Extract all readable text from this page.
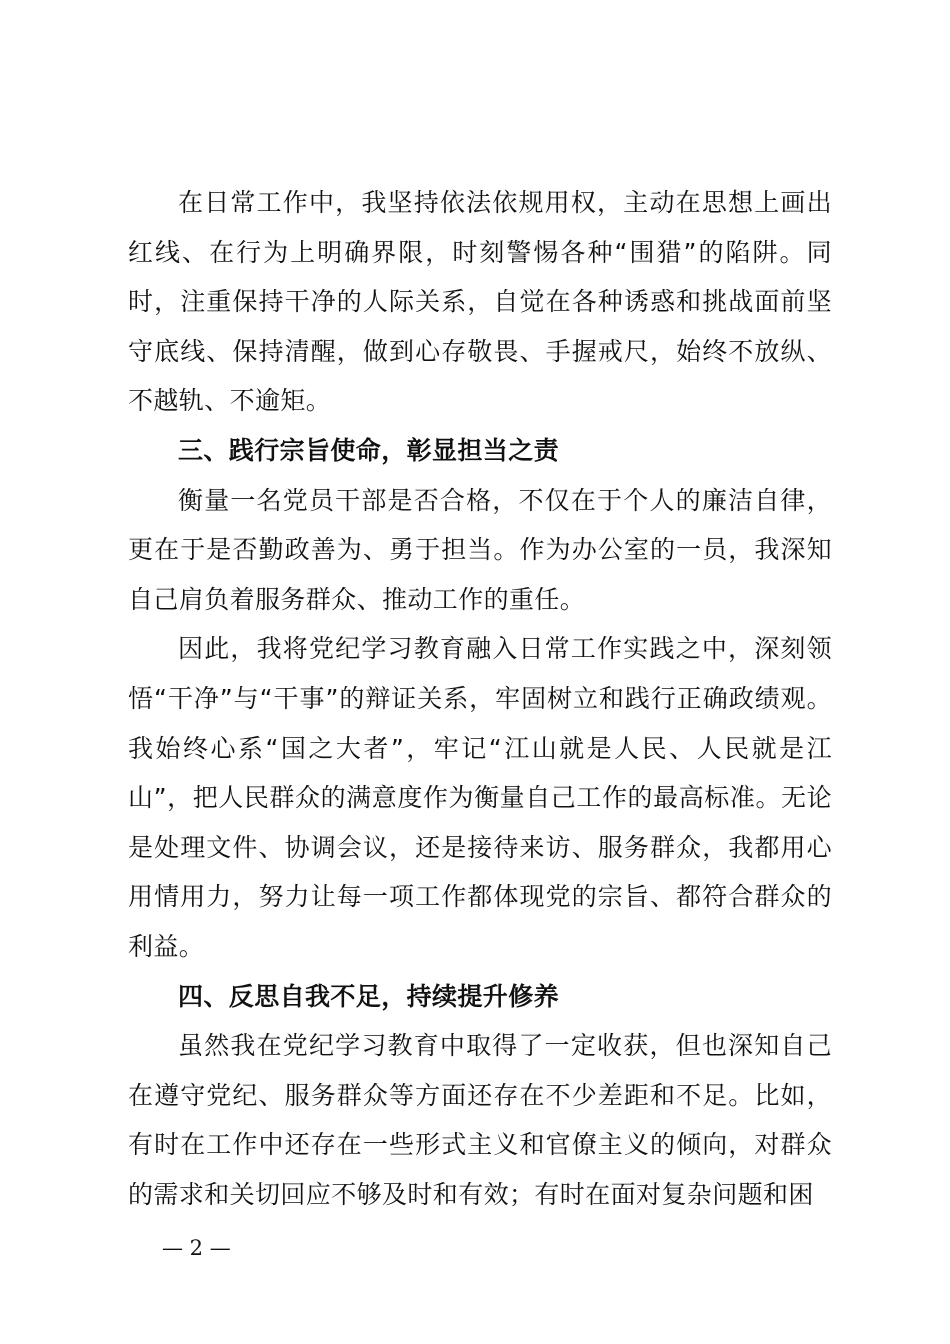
在日常工作中，我坚持依法依规用权，主动在思想上画出红线、在行为上明确界限，时刻警惕各种“围猎”的陷阱。同时，注重保持干净的人际关系，自觉在各种诱惑和挑战面前坚守底线、保持清醒，做到心存敬畏、手握戒尺，始终不放纵、不越轨、不逾矩。

三、践行宗旨使命，彰显担当之责

衡量一名党员干部是否合格，不仅在于个人的廉洁自律，更在于是否勤政善为、勇于担当。作为办公室的一员，我深知自己肩负着服务群众、推动工作的重任。

因此，我将党纪学习教育融入日常工作实践之中，深刻领悟“干净”与“干事”的辩证关系，牢固树立和践行正确政绩观。我始终心系“国之大者”，牢记“江山就是人民、人民就是江山”，把人民群众的满意度作为衡量自己工作的最高标准。无论是处理文件、协调会议，还是接待来访、服务群众，我都用心用情用力，努力让每一项工作都体现党的宗旨、都符合群众的利益。

四、反思自我不足，持续提升修养

虽然我在党纪学习教育中取得了一定收获，但也深知自己在遵守党纪、服务群众等方面还存在不少差距和不足。比如，有时在工作中还存在一些形式主义和官僚主义的倾向，对群众的需求和关切回应不够及时和有效；有时在面对复杂问题和困

— 2 —
